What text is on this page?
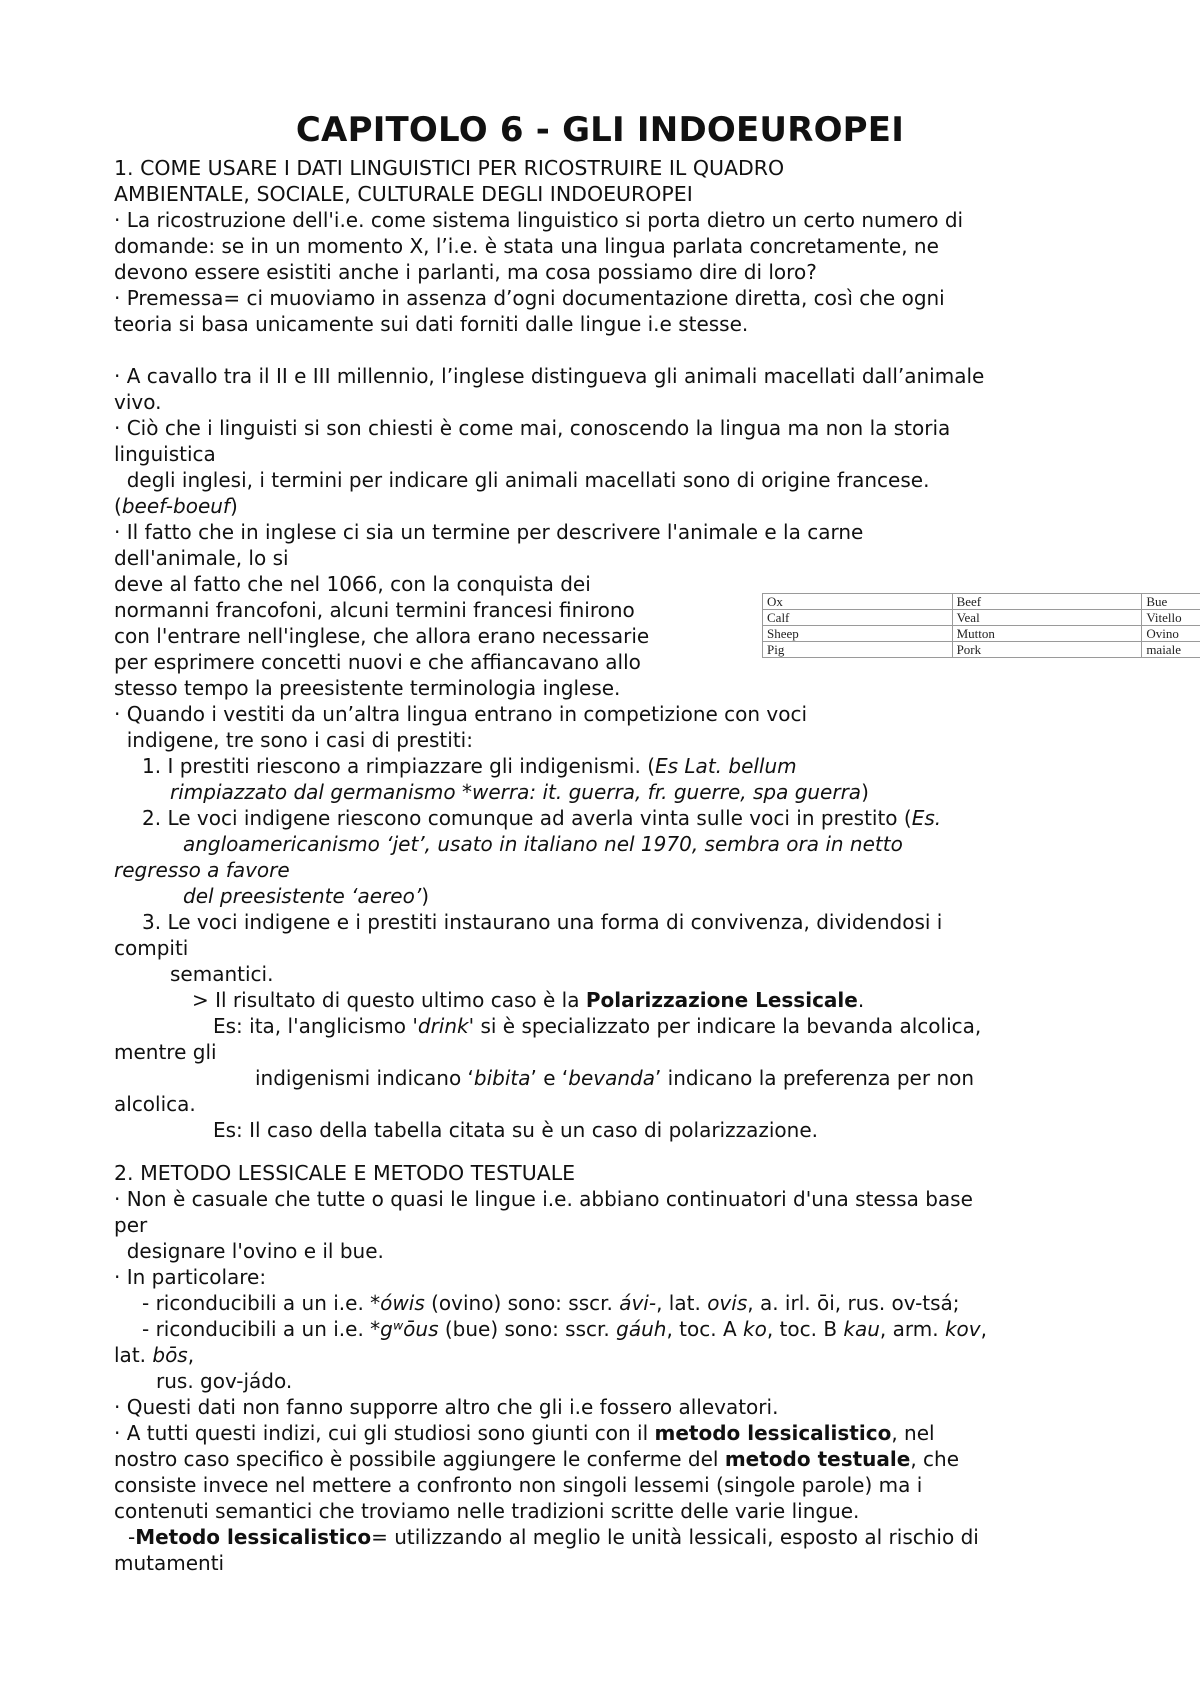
CAPITOLO 6 - GLI INDOEUROPEI

1. COME USARE I DATI LINGUISTICI PER RICOSTRUIRE IL QUADRO

AMBIENTALE, SOCIALE, CULTURALE DEGLI INDOEUROPEI

· La ricostruzione dell'i.e. come sistema linguistico si porta dietro un certo numero di

domande: se in un momento X, l’i.e. è stata una lingua parlata concretamente, ne

devono essere esistiti anche i parlanti, ma cosa possiamo dire di loro?

· Premessa= ci muoviamo in assenza d’ogni documentazione diretta, così che ogni

teoria si basa unicamente sui dati forniti dalle lingue i.e stesse.

· A cavallo tra il II e III millennio, l’inglese distingueva gli animali macellati dall’animale

vivo.

· Ciò che i linguisti si son chiesti è come mai, conoscendo la lingua ma non la storia

linguistica

degli inglesi, i termini per indicare gli animali macellati sono di origine francese.

(beef-boeuf)

· Il fatto che in inglese ci sia un termine per descrivere l'animale e la carne

dell'animale, lo si

deve al fatto che nel 1066, con la conquista dei

normanni francofoni, alcuni termini francesi finirono

con l'entrare nell'inglese, che allora erano necessarie

per esprimere concetti nuovi e che affiancavano allo

stesso tempo la preesistente terminologia inglese.

Ox	Beef	Bue
Calf	Veal	Vitello
Sheep	Mutton	Ovino
Pig	Pork	maiale

· Quando i vestiti da un’altra lingua entrano in competizione con voci

indigene, tre sono i casi di prestiti:

1. I prestiti riescono a rimpiazzare gli indigenismi. (Es Lat. bellum

rimpiazzato dal germanismo *werra: it. guerra, fr. guerre, spa guerra)

2. Le voci indigene riescono comunque ad averla vinta sulle voci in prestito (Es.

angloamericanismo ‘jet’, usato in italiano nel 1970, sembra ora in netto

regresso a favore

del preesistente ‘aereo’)

3. Le voci indigene e i prestiti instaurano una forma di convivenza, dividendosi i

compiti

semantici.

> Il risultato di questo ultimo caso è la Polarizzazione Lessicale.

Es: ita, l'anglicismo 'drink' si è specializzato per indicare la bevanda alcolica,

mentre gli

indigenismi indicano ‘bibita’ e ‘bevanda’ indicano la preferenza per non

alcolica.

Es: Il caso della tabella citata su è un caso di polarizzazione.

2. METODO LESSICALE E METODO TESTUALE

· Non è casuale che tutte o quasi le lingue i.e. abbiano continuatori d'una stessa base

per

designare l'ovino e il bue.

· In particolare:

- riconducibili a un i.e. *ówis (ovino) sono: sscr. ávi-, lat. ovis, a. irl. ōi, rus. ov-tsá;

- riconducibili a un i.e. *gʷōus (bue) sono: sscr. gáuh, toc. A ko, toc. B kau, arm. kov,

lat. bōs,

rus. gov-jádo.

· Questi dati non fanno supporre altro che gli i.e fossero allevatori.

· A tutti questi indizi, cui gli studiosi sono giunti con il metodo lessicalistico, nel

nostro caso specifico è possibile aggiungere le conferme del metodo testuale, che

consiste invece nel mettere a confronto non singoli lessemi (singole parole) ma i

contenuti semantici che troviamo nelle tradizioni scritte delle varie lingue.

-Metodo lessicalistico= utilizzando al meglio le unità lessicali, esposto al rischio di

mutamenti
